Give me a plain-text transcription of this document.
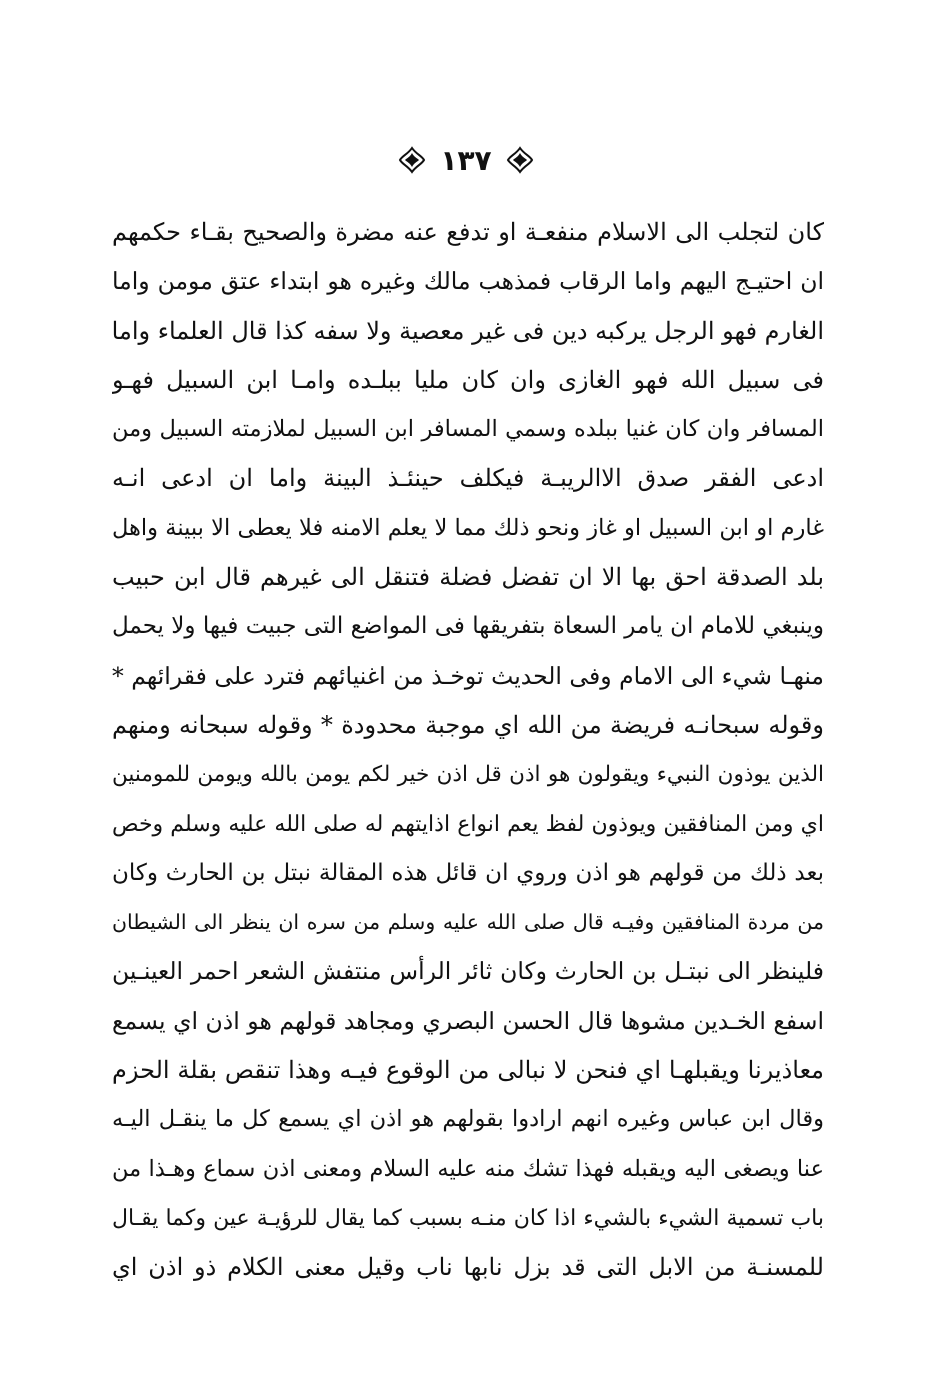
١٣٧
كان لتجلب الى الاسلام منفعـة او تدفع عنه مضرة والصحيح بقـاء حكمهم
ان احتيـج اليهم واما الرقاب فمذهب مالك وغيره هو ابتداء عتق مومن واما
الغارم فهو الرجل يركبه دين فى غير معصية ولا سفه كذا قال العلماء واما
فى سبيل الله فهو الغازى وان كان مليا ببلـده وامـا ابن السبيل فهـو
المسافر وان كان غنيا ببلده وسمي المسافر ابن السبيل لملازمته السبيل ومن
ادعى الفقر صدق الاالريبـة فيكلف حينئـذ البينة واما ان ادعى انـه
غارم او ابن السبيل او غاز ونحو ذلك مما لا يعلم الامنه فلا يعطى الا ببينة واهل
بلد الصدقة احق بها الا ان تفضل فضلة فتنقل الى غيرهم قال ابن حبيب
وينبغي للامام ان يامر السعاة بتفريقها فى المواضع التى جبيت فيها ولا يحمل
منهـا شيء الى الامام وفى الحديث توخـذ من اغنيائهم فترد على فقرائهم *
وقوله سبحانـه فريضة من الله اي موجبة محدودة * وقوله سبحانه ومنهم
الذين يوذون النبيء ويقولون هو اذن قل اذن خير لكم يومن بالله ويومن للمومنين
اي ومن المنافقين ويوذون لفظ يعم انواع اذايتهم له صلى الله عليه وسلم وخص
بعد ذلك من قولهم هو اذن وروي ان قائل هذه المقالة نبتل بن الحارث وكان
من مردة المنافقين وفيـه قال صلى الله عليه وسلم من سره ان ينظر الى الشيطان
فلينظر الى نبتـل بن الحارث وكان ثائر الرأس منتفش الشعر احمر العينـين
اسفع الخـدين مشوها قال الحسن البصري ومجاهد قولهم هو اذن اي يسمع
معاذيرنا ويقبلهـا اي فنحن لا نبالى من الوقوع فيـه وهذا تنقص بقلة الحزم
وقال ابن عباس وغيره انهم ارادوا بقولهم هو اذن اي يسمع كل ما ينقـل اليـه
عنا ويصغى اليه ويقبله فهذا تشك منه عليه السلام ومعنى اذن سماع وهـذا من
باب تسمية الشيء بالشيء اذا كان منـه بسبب كما يقال للرؤيـة عين وكما يقـال
للمسنـة من الابل التى قد بزل نابها ناب وقيل معنى الكلام ذو اذن اي
